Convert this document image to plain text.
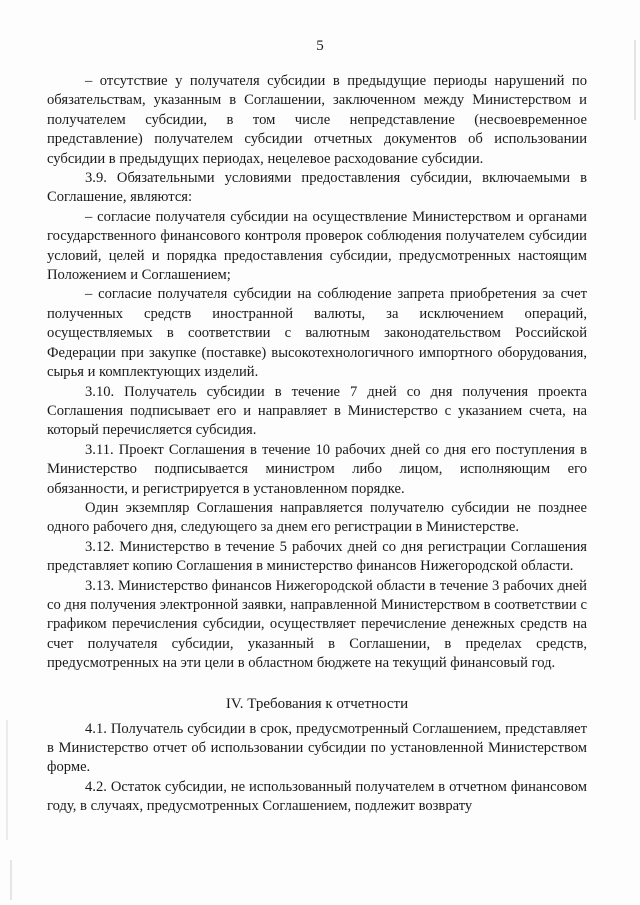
5

– отсутствие у получателя субсидии в предыдущие периоды нарушений по обязательствам, указанным в Соглашении, заключенном между Министерством и получателем субсидии, в том числе непредставление (несвоевременное представление) получателем субсидии отчетных документов об использовании субсидии в предыдущих периодах, нецелевое расходование субсидии.

3.9. Обязательными условиями предоставления субсидии, включаемыми в Соглашение, являются:

– согласие получателя субсидии на осуществление Министерством и органами государственного финансового контроля проверок соблюдения получателем субсидии условий, целей и порядка предоставления субсидии, предусмотренных настоящим Положением и Соглашением;

– согласие получателя субсидии на соблюдение запрета приобретения за счет полученных средств иностранной валюты, за исключением операций, осуществляемых в соответствии с валютным законодательством Российской Федерации при закупке (поставке) высокотехнологичного импортного оборудования, сырья и комплектующих изделий.

3.10. Получатель субсидии в течение 7 дней со дня получения проекта Соглашения подписывает его и направляет в Министерство с указанием счета, на который перечисляется субсидия.

3.11. Проект Соглашения в течение 10 рабочих дней со дня его поступления в Министерство подписывается министром либо лицом, исполняющим его обязанности, и регистрируется в установленном порядке.

Один экземпляр Соглашения направляется получателю субсидии не позднее одного рабочего дня, следующего за днем его регистрации в Министерстве.

3.12. Министерство в течение 5 рабочих дней со дня регистрации Соглашения представляет копию Соглашения в министерство финансов Нижегородской области.

3.13. Министерство финансов Нижегородской области в течение 3 рабочих дней со дня получения электронной заявки, направленной Министерством в соответствии с графиком перечисления субсидии, осуществляет перечисление денежных средств на счет получателя субсидии, указанный в Соглашении, в пределах средств, предусмотренных на эти цели в областном бюджете на текущий финансовый год.

IV. Требования к отчетности

4.1. Получатель субсидии в срок, предусмотренный Соглашением, представляет в Министерство отчет об использовании субсидии по установленной Министерством форме.

4.2. Остаток субсидии, не использованный получателем в отчетном финансовом году, в случаях, предусмотренных Соглашением, подлежит возврату
